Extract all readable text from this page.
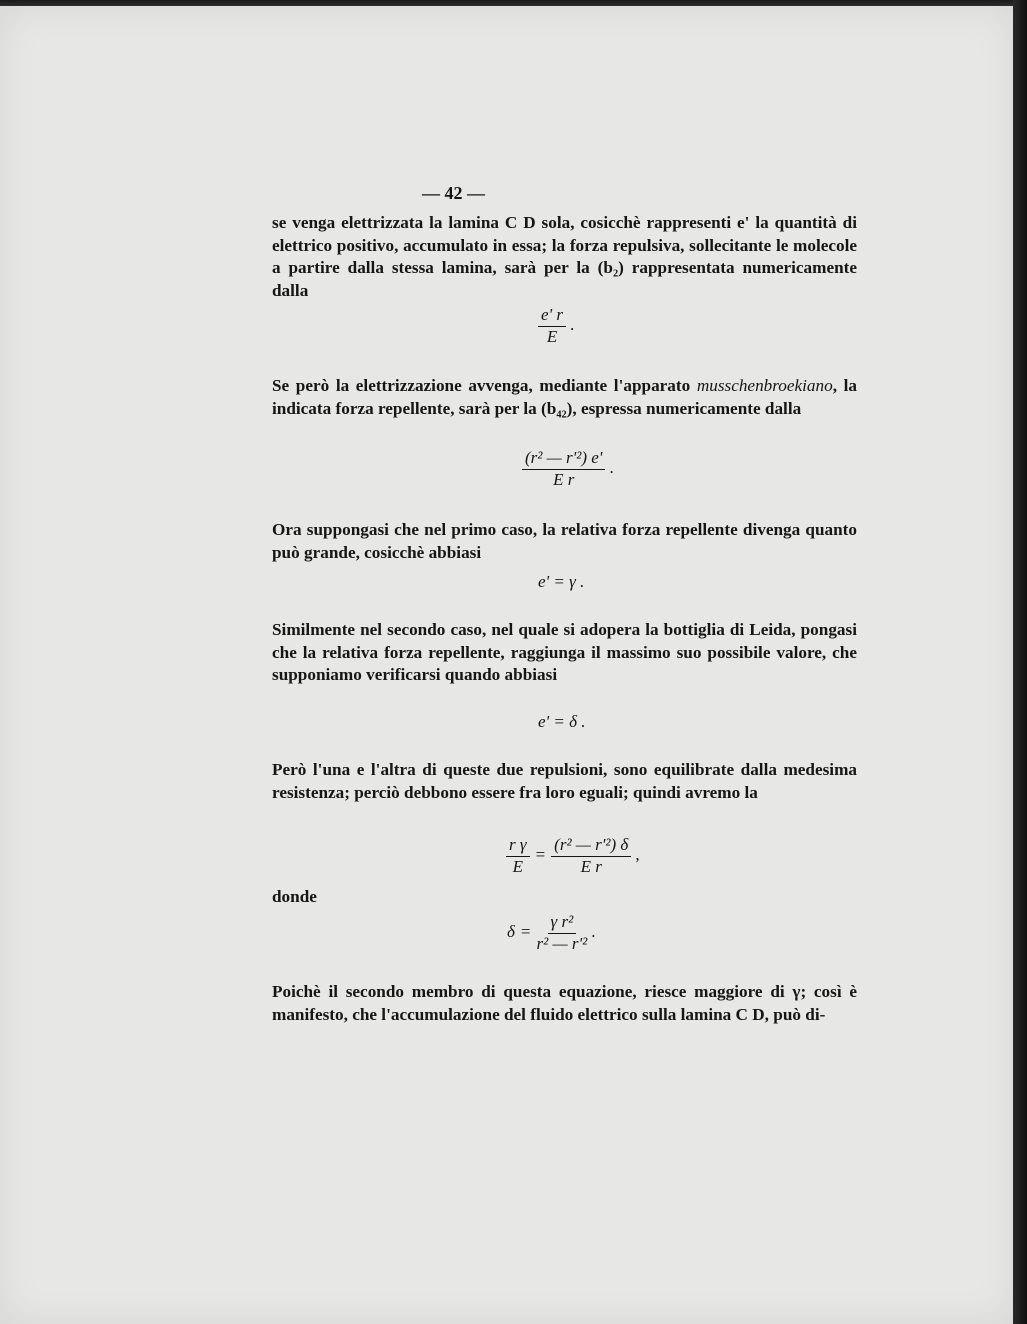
— 42 —

se venga elettrizzata la lamina C D sola, cosicchè rappresenti e' la quantità di elettrico positivo, accumulato in essa; la forza repulsiva, sollecitante le molecole a partire dalla stessa lamina, sarà per la (b₂) rappresentata numericamente dalla

$\frac{e' r}{E}$ .

Se però la elettrizzazione avvenga, mediante l'apparato musschenbroekiano, la indicata forza repellente, sarà per la (b₄₂), espressa numericamente dalla

$\frac{\text{(r² — r'²) e'}}{\text{E r}}$ .

Ora suppongasi che nel primo caso, la relativa forza repellente divenga quanto può grande, cosicchè abbiasi

e' = γ .

Similmente nel secondo caso, nel quale si adopera la bottiglia di Leida, pongasi che la relativa forza repellente, raggiunga il massimo suo possibile valore, che supponiamo verificarsi quando abbiasi

e' = δ .

Però l'una e l'altra di queste due repulsioni, sono equilibrate dalla medesima resistenza; perciò debbono essere fra loro eguali; quindi avremo la

$\frac{\text{r γ}}{E} = \frac{\text{(r² — r'²) δ}}{\text{E r}}$ ,
donde
$\delta = \frac{\text{γ r²}}{\text{r² — r'²}}$ .

Poichè il secondo membro di questa equazione, riesce maggiore di γ; così è manifesto, che l'accumulazione del fluido elettrico sulla lamina C D, può di-
